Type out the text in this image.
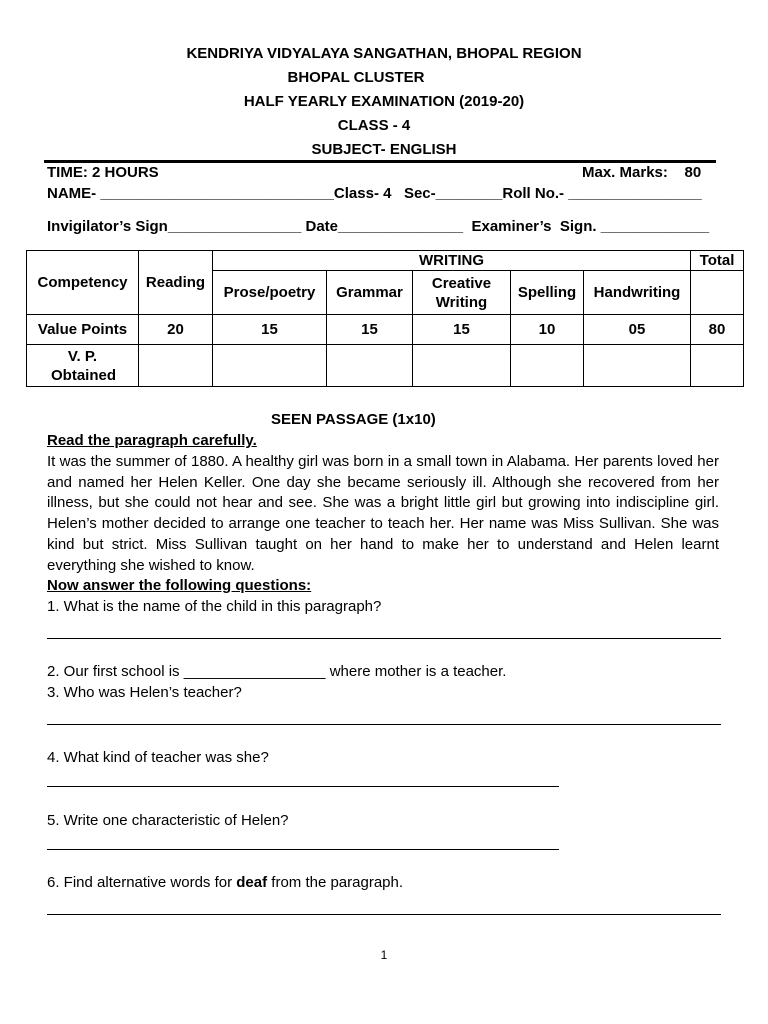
KENDRIYA VIDYALAYA SANGATHAN, BHOPAL REGION
BHOPAL CLUSTER
HALF YEARLY EXAMINATION (2019-20)
CLASS - 4
SUBJECT- ENGLISH
TIME: 2 HOURS	Max. Marks:    80
NAME- ____________________________Class- 4   Sec-________Roll No.- ________________
Invigilator’s Sign________________ Date_______________  Examiner’s  Sign. _____________
Competency	Reading	WRITING					Total
		Prose/poetry	Grammar	Creative Writing	Spelling	Handwriting	
Value Points	20	15	15	15	10	05	80
V. P. Obtained							
SEEN PASSAGE (1x10)
Read the paragraph carefully.
It was the summer of 1880. A healthy girl was born in a small town in Alabama. Her parents loved her and named her Helen Keller. One day she became seriously ill. Although she recovered from her illness, but she could not hear and see. She was a bright little girl but growing into indiscipline girl. Helen’s mother decided to arrange one teacher to teach her. Her name was Miss Sullivan. She was kind but strict. Miss Sullivan taught on her hand to make her to understand and Helen learnt everything she wished to know.
Now answer the following questions:
1. What is the name of the child in this paragraph?
2. Our first school is _________________ where mother is a teacher.
3. Who was Helen’s teacher?
4. What kind of teacher was she?
5. Write one characteristic of Helen?
6. Find alternative words for deaf from the paragraph.
1
